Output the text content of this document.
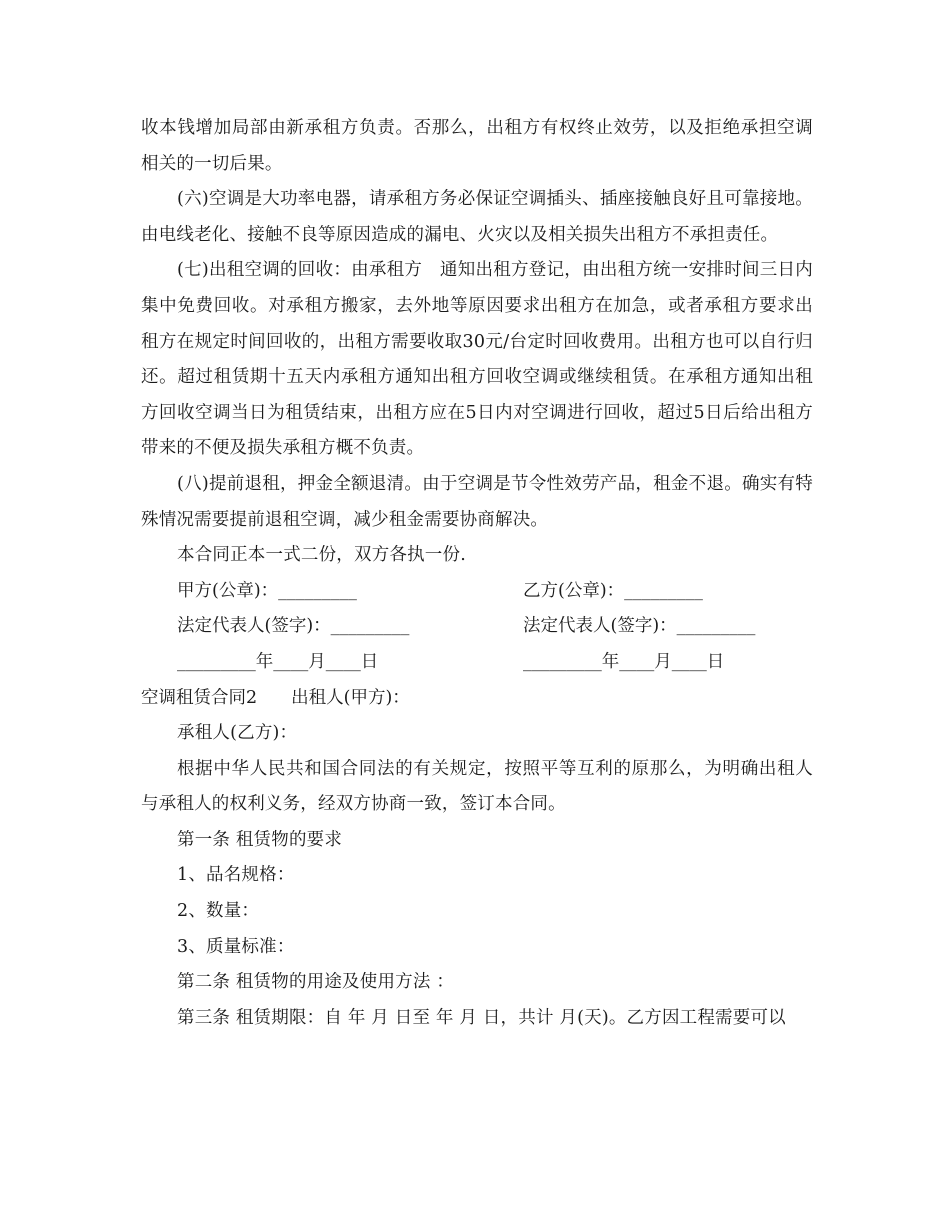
收本钱增加局部由新承租方负责。否那么，出租方有权终止效劳，以及拒绝承担空调相关的一切后果。

(六)空调是大功率电器，请承租方务必保证空调插头、插座接触良好且可靠接地。由电线老化、接触不良等原因造成的漏电、火灾以及相关损失出租方不承担责任。

(七)出租空调的回收：由承租方　通知出租方登记，由出租方统一安排时间三日内集中免费回收。对承租方搬家，去外地等原因要求出租方在加急，或者承租方要求出租方在规定时间回收的，出租方需要收取30元/台定时回收费用。出租方也可以自行归还。超过租赁期十五天内承租方通知出租方回收空调或继续租赁。在承租方通知出租方回收空调当日为租赁结束，出租方应在5日内对空调进行回收，超过5日后给出租方带来的不便及损失承租方概不负责。

(八)提前退租，押金全额退清。由于空调是节令性效劳产品，租金不退。确实有特殊情况需要提前退租空调，减少租金需要协商解决。

本合同正本一式二份，双方各执一份.

甲方(公章)：_________	乙方(公章)：_________
法定代表人(签字)：_________	法定代表人(签字)：_________
_________年____月____日	_________年____月____日
空调租赁合同2 出租人(甲方)：

承租人(乙方)：

根据中华人民共和国合同法的有关规定，按照平等互利的原那么，为明确出租人与承租人的权利义务，经双方协商一致，签订本合同。

第一条 租赁物的要求

1、品名规格：

2、数量：

3、质量标准：

第二条 租赁物的用途及使用方法 ：

第三条 租赁期限：自 年 月 日至 年 月 日，共计 月(天)。乙方因工程需要可以
